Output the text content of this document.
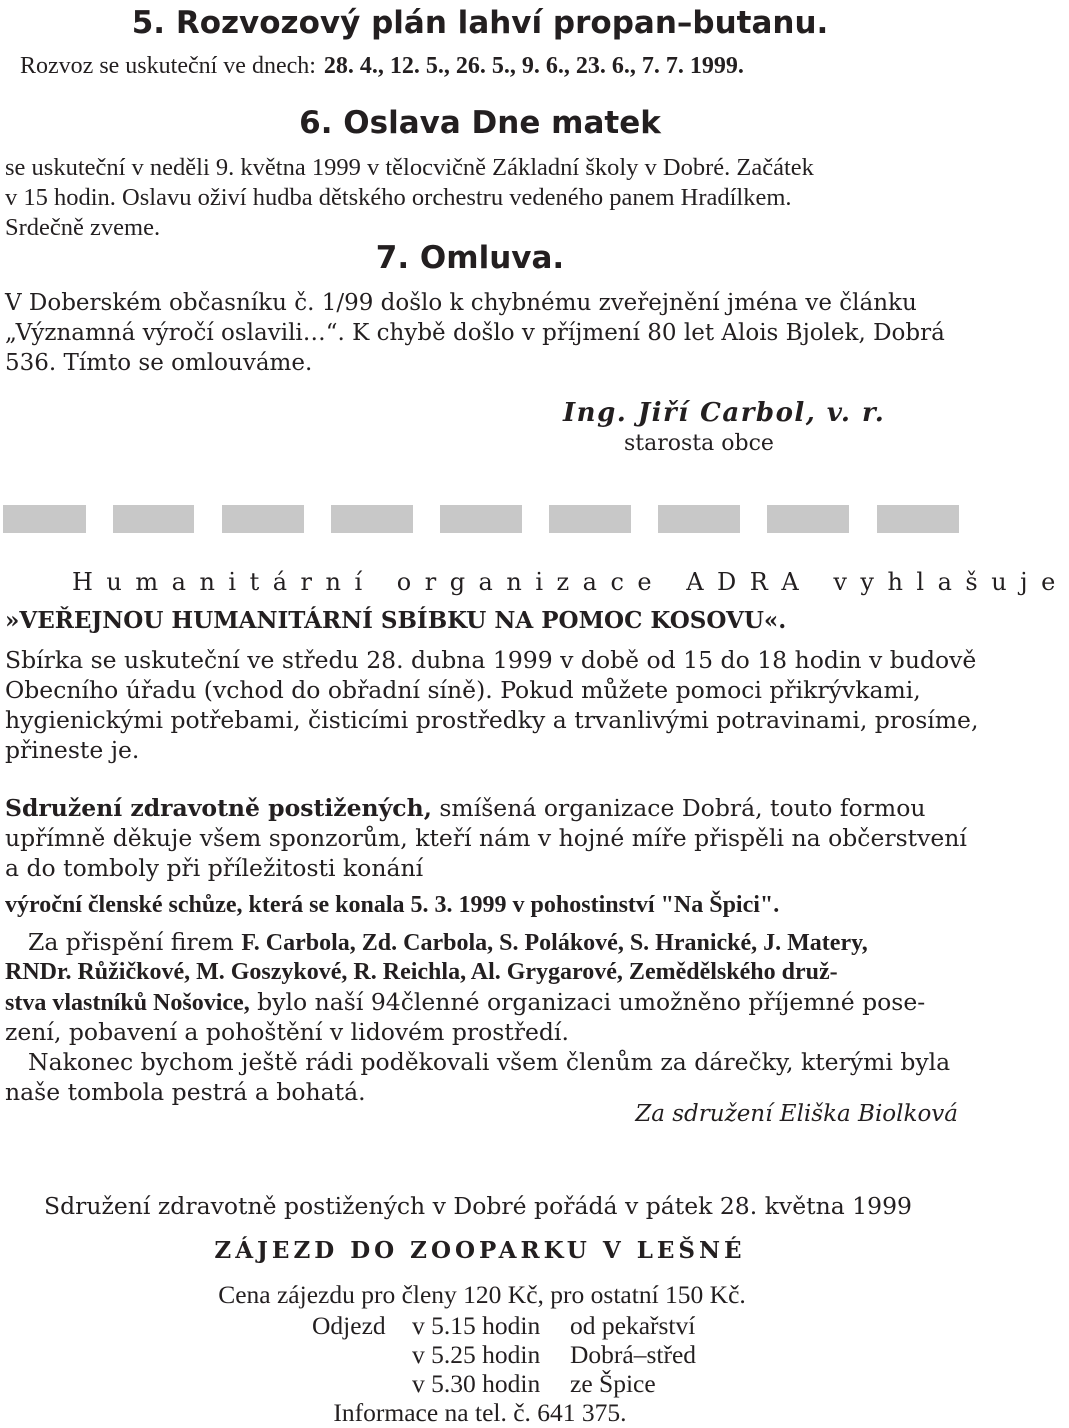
5. Rozvozový plán lahví propan–butanu.
Rozvoz se uskuteční ve dnech: 28. 4., 12. 5., 26. 5., 9. 6., 23. 6., 7. 7. 1999.
6. Oslava Dne matek
se uskuteční v neděli 9. května 1999 v tělocvičně Základní školy v Dobré. Začátek
v 15 hodin. Oslavu oživí hudba dětského orchestru vedeného panem Hradílkem.
Srdečně zveme.
7. Omluva.
V Doberském občasníku č. 1/99 došlo k chybnému zveřejnění jména ve článku
„Významná výročí oslavili…“. K chybě došlo v příjmení 80 let Alois Bjolek, Dobrá
536. Tímto se omlouváme.
Ing. Jiří Carbol, v. r.
starosta obce
Humanitární organizace ADRA vyhlašuje
»VEŘEJNOU HUMANITÁRNÍ SBÍBKU NA POMOC KOSOVU«.
Sbírka se uskuteční ve středu 28. dubna 1999 v době od 15 do 18 hodin v budově
Obecního úřadu (vchod do obřadní síně). Pokud můžete pomoci přikrývkami,
hygienickými potřebami, čisticími prostředky a trvanlivými potravinami, prosíme,
přineste je.
Sdružení zdravotně postižených, smíšená organizace Dobrá, touto formou
upřímně děkuje všem sponzorům, kteří nám v hojné míře přispěli na občerstvení
a do tomboly při příležitosti konání
výroční členské schůze, která se konala 5. 3. 1999 v pohostinství "Na Špici".
Za přispění firem F. Carbola, Zd. Carbola, S. Polákové, S. Hranické, J. Matery,
RNDr. Růžičkové, M. Goszykové, R. Reichla, Al. Grygarové, Zemědělského druž-
stva vlastníků Nošovice, bylo naší 94členné organizaci umožněno příjemné pose-
zení, pobavení a pohoštění v lidovém prostředí.
Nakonec bychom ještě rádi poděkovali všem členům za dárečky, kterými byla
naše tombola pestrá a bohatá.
Za sdružení Eliška Biolková
Sdružení zdravotně postižených v Dobré pořádá v pátek 28. května 1999
ZÁJEZD DO ZOOPARKU V LEŠNÉ
Cena zájezdu pro členy 120 Kč, pro ostatní 150 Kč.
Odjezd v 5.15 hodin od pekařství
v 5.25 hodin Dobrá–střed
v 5.30 hodin ze Špice
Informace na tel. č. 641 375.
